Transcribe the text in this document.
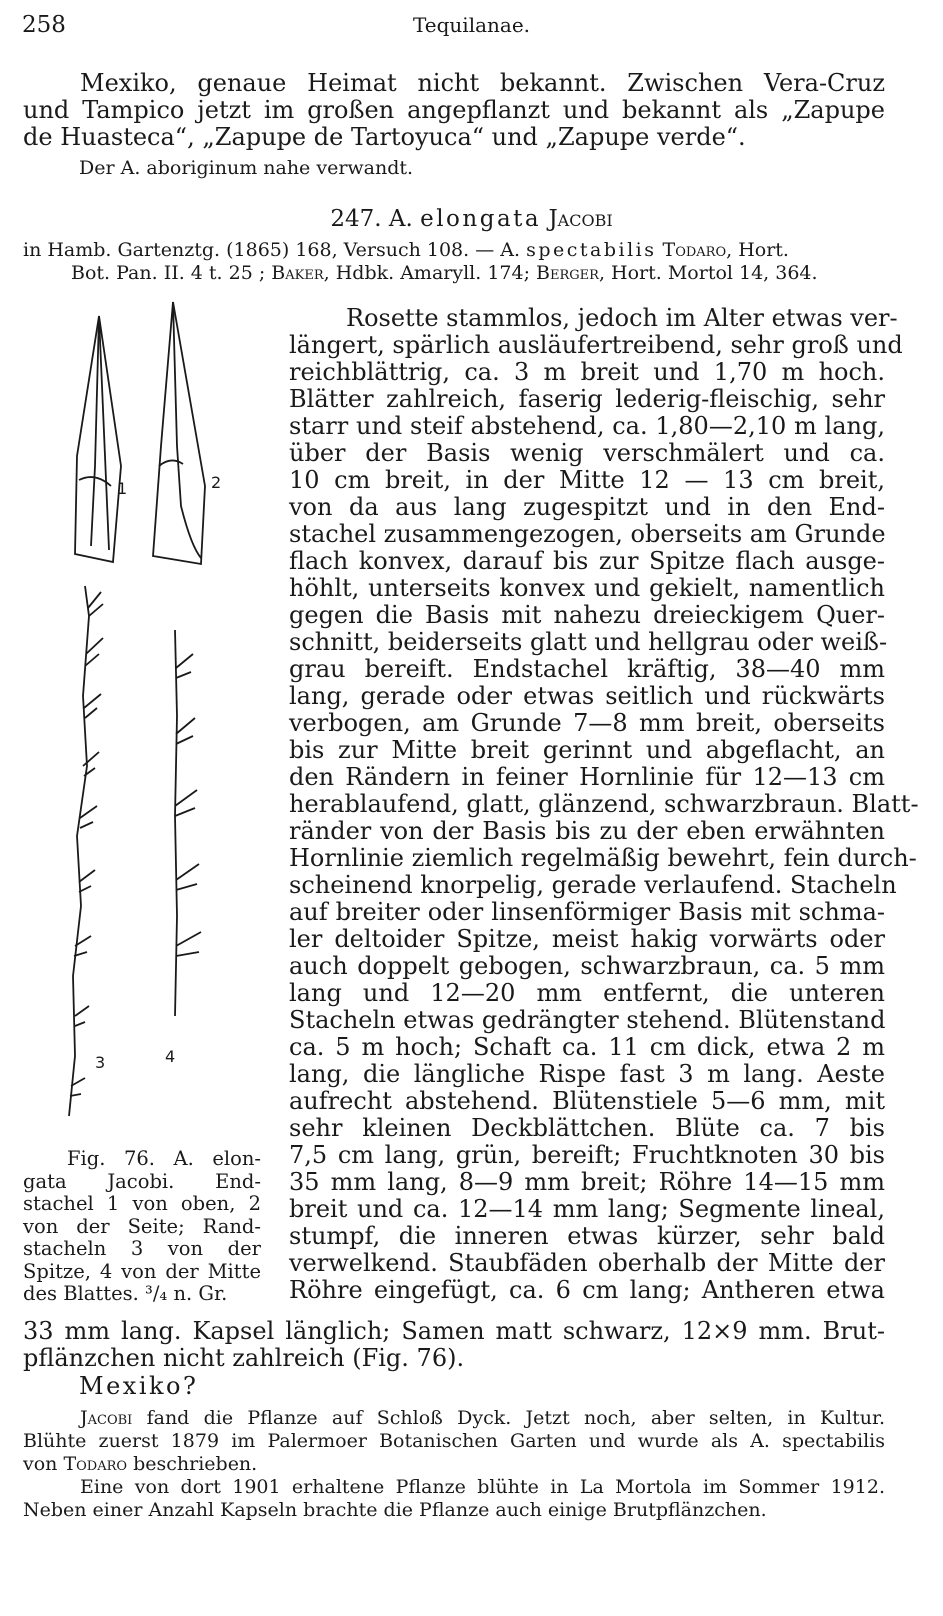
258	Tequilanae.
Mexiko, genaue Heimat nicht bekannt. Zwischen Vera-Cruz
und Tampico jetzt im großen angepflanzt und bekannt als „Zapupe
de Huasteca“, „Zapupe de Tartoyuca“ und „Zapupe verde“.
Der A. aboriginum nahe verwandt.
247. A. elongata Jacobi
in Hamb. Gartenztg. (1865) 168, Versuch 108. — A. spectabilis Todaro, Hort.
Bot. Pan. II. 4 t. 25 ; Baker, Hdbk. Amaryll. 174; Berger, Hort. Mortol 14, 364.
Rosette stammlos, jedoch im Alter etwas ver-
längert, spärlich ausläufertreibend, sehr groß und
reichblättrig, ca. 3 m breit und 1,70 m hoch.
Blätter zahlreich, faserig lederig-fleischig, sehr
starr und steif abstehend, ca. 1,80—2,10 m lang,
über der Basis wenig verschmälert und ca.
10 cm breit, in der Mitte 12 — 13 cm breit,
von da aus lang zugespitzt und in den End-
stachel zusammengezogen, oberseits am Grunde
flach konvex, darauf bis zur Spitze flach ausge-
höhlt, unterseits konvex und gekielt, namentlich
gegen die Basis mit nahezu dreieckigem Quer-
schnitt, beiderseits glatt und hellgrau oder weiß-
grau bereift. Endstachel kräftig, 38—40 mm
lang, gerade oder etwas seitlich und rückwärts
verbogen, am Grunde 7—8 mm breit, oberseits
bis zur Mitte breit gerinnt und abgeflacht, an
den Rändern in feiner Hornlinie für 12—13 cm
herablaufend, glatt, glänzend, schwarzbraun. Blatt-
ränder von der Basis bis zu der eben erwähnten
Hornlinie ziemlich regelmäßig bewehrt, fein durch-
scheinend knorpelig, gerade verlaufend. Stacheln
auf breiter oder linsenförmiger Basis mit schma-
ler deltoider Spitze, meist hakig vorwärts oder
auch doppelt gebogen, schwarzbraun, ca. 5 mm
lang und 12—20 mm entfernt, die unteren
Stacheln etwas gedrängter stehend. Blütenstand
ca. 5 m hoch; Schaft ca. 11 cm dick, etwa 2 m
lang, die längliche Rispe fast 3 m lang. Aeste
aufrecht abstehend. Blütenstiele 5—6 mm, mit
sehr kleinen Deckblättchen. Blüte ca. 7 bis
7,5 cm lang, grün, bereift; Fruchtknoten 30 bis
35 mm lang, 8—9 mm breit; Röhre 14—15 mm
breit und ca. 12—14 mm lang; Segmente lineal,
stumpf, die inneren etwas kürzer, sehr bald
verwelkend. Staubfäden oberhalb der Mitte der
Röhre eingefügt, ca. 6 cm lang; Antheren etwa
33 mm lang. Kapsel länglich; Samen matt schwarz, 12×9 mm. Brut-
pflänzchen nicht zahlreich (Fig. 76).
Mexiko?
1	2
3	4
Fig. 76. A. elon-
gata Jacobi. End-
stachel 1 von oben, 2
von der Seite; Rand-
stacheln 3 von der
Spitze, 4 von der Mitte
des Blattes. ³/₄ n. Gr.
Jacobi fand die Pflanze auf Schloß Dyck. Jetzt noch, aber selten, in Kultur.
Blühte zuerst 1879 im Palermoer Botanischen Garten und wurde als A. spectabilis
von Todaro beschrieben.
Eine von dort 1901 erhaltene Pflanze blühte in La Mortola im Sommer 1912.
Neben einer Anzahl Kapseln brachte die Pflanze auch einige Brutpflänzchen.
